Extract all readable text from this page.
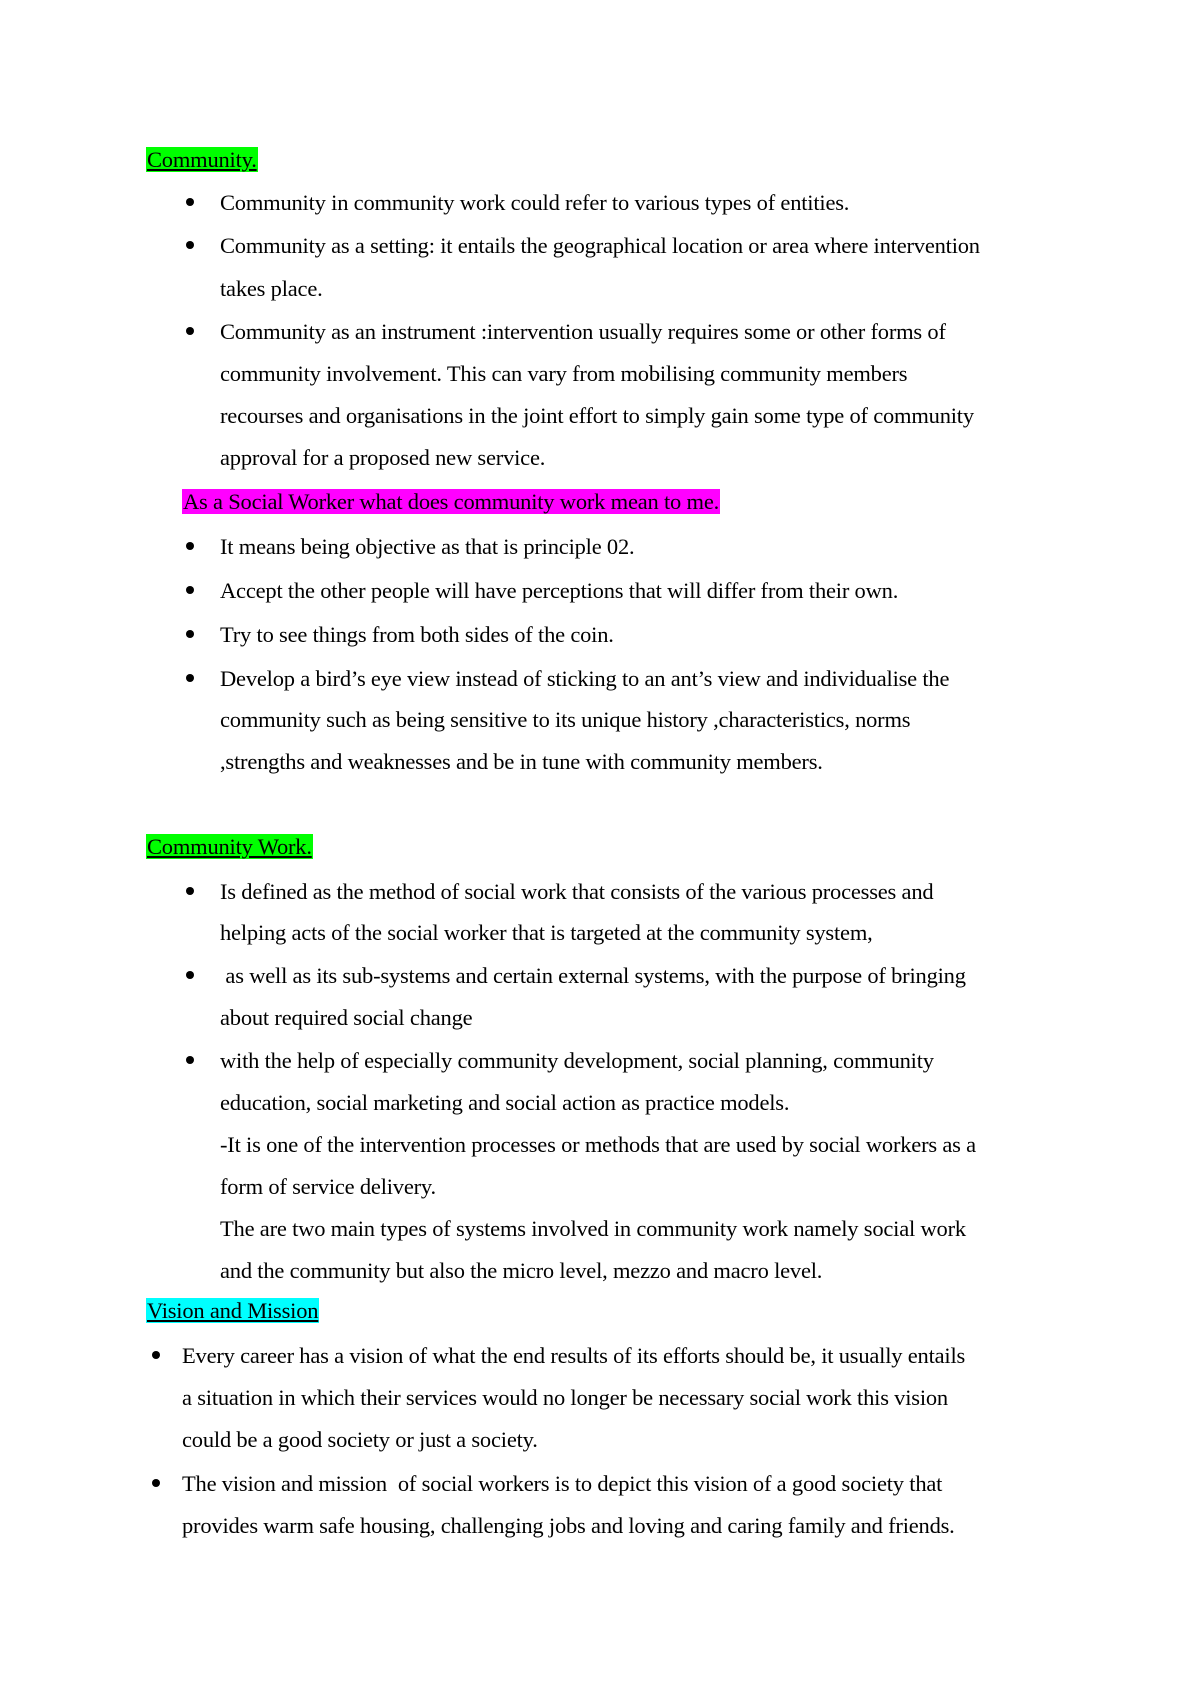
Community.
Community in community work could refer to various types of entities.
Community as a setting: it entails the geographical location or area where intervention
takes place.
Community as an instrument :intervention usually requires some or other forms of
community involvement. This can vary from mobilising community members
recourses and organisations in the joint effort to simply gain some type of community
approval for a proposed new service.
As a Social Worker what does community work mean to me.
It means being objective as that is principle 02.
Accept the other people will have perceptions that will differ from their own.
Try to see things from both sides of the coin.
Develop a bird’s eye view instead of sticking to an ant’s view and individualise the
community such as being sensitive to its unique history ,characteristics, norms
,strengths and weaknesses and be in tune with community members.
Community Work.
Is defined as the method of social work that consists of the various processes and
helping acts of the social worker that is targeted at the community system,
as well as its sub-systems and certain external systems, with the purpose of bringing
about required social change
with the help of especially community development, social planning, community
education, social marketing and social action as practice models.
-It is one of the intervention processes or methods that are used by social workers as a
form of service delivery.
The are two main types of systems involved in community work namely social work
and the community but also the micro level, mezzo and macro level.
Vision and Mission
Every career has a vision of what the end results of its efforts should be, it usually entails
a situation in which their services would no longer be necessary social work this vision
could be a good society or just a society.
The vision and mission  of social workers is to depict this vision of a good society that
provides warm safe housing, challenging jobs and loving and caring family and friends.
